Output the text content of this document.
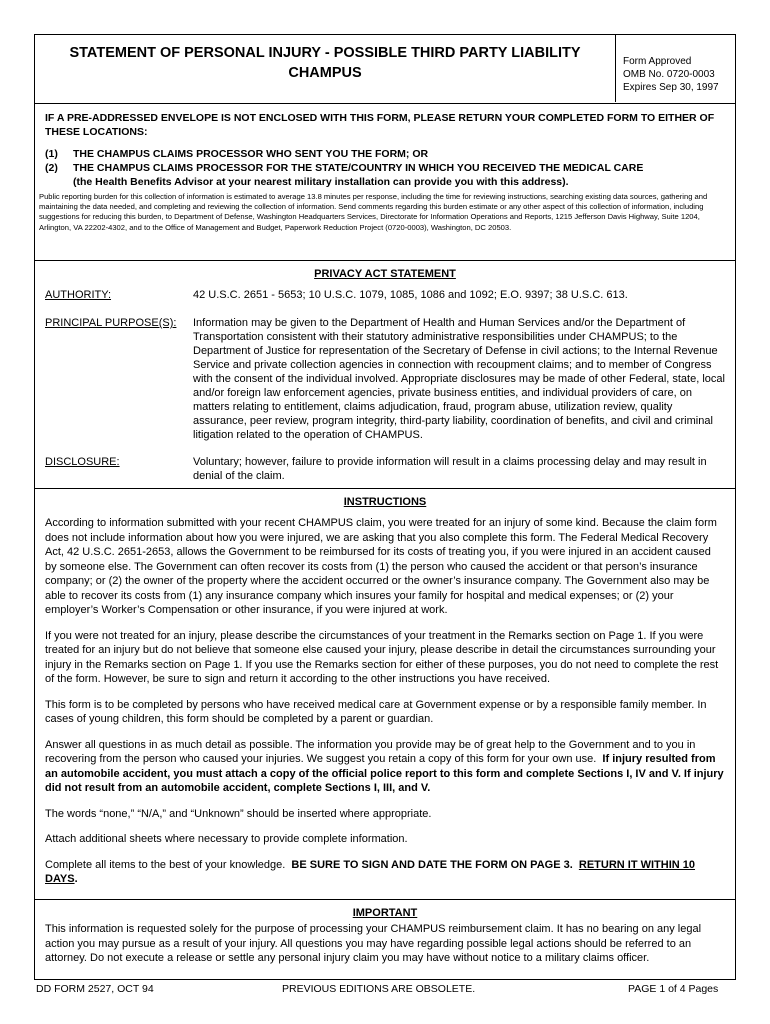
STATEMENT OF PERSONAL INJURY - POSSIBLE THIRD PARTY LIABILITY
CHAMPUS
Form Approved
OMB No. 0720-0003
Expires Sep 30, 1997

IF A PRE-ADDRESSED ENVELOPE IS NOT ENCLOSED WITH THIS FORM, PLEASE RETURN YOUR COMPLETED FORM TO EITHER OF THESE LOCATIONS:

(1)	THE CHAMPUS CLAIMS PROCESSOR WHO SENT YOU THE FORM; OR
(2)	THE CHAMPUS CLAIMS PROCESSOR FOR THE STATE/COUNTRY IN WHICH YOU RECEIVED THE MEDICAL CARE
(the Health Benefits Advisor at your nearest military installation can provide you with this address).

Public reporting burden for this collection of information is estimated to average 13.8 minutes per response, including the time for reviewing instructions, searching existing data sources, gathering and maintaining the data needed, and completing and reviewing the collection of information. Send comments regarding this burden estimate or any other aspect of this collection of information, including suggestions for reducing this burden, to Department of Defense, Washington Headquarters Services, Directorate for Information Operations and Reports, 1215 Jefferson Davis Highway, Suite 1204, Arlington, VA 22202-4302, and to the Office of Management and Budget, Paperwork Reduction Project (0720-0003), Washington, DC 20503.

PRIVACY ACT STATEMENT
AUTHORITY:	42 U.S.C. 2651 - 5653; 10 U.S.C. 1079, 1085, 1086 and 1092; E.O. 9397; 38 U.S.C. 613.
PRINCIPAL PURPOSE(S): Information may be given to the Department of Health and Human Services and/or the Department of Transportation consistent with their statutory administrative responsibilities under CHAMPUS; to the Department of Justice for representation of the Secretary of Defense in civil actions; to the Internal Revenue Service and private collection agencies in connection with recoupment claims; and to member of Congress with the consent of the individual involved. Appropriate disclosures may be made of other Federal, state, local and/or foreign law enforcement agencies, private business entities, and individual providers of care, on matters relating to entitlement, claims adjudication, fraud, program abuse, utilization review, quality assurance, peer review, program integrity, third-party liability, coordination of benefits, and civil and criminal litigation related to the operation of CHAMPUS.
DISCLOSURE:	Voluntary; however, failure to provide information will result in a claims processing delay and may result in denial of the claim.
INSTRUCTIONS

According to information submitted with your recent CHAMPUS claim, you were treated for an injury of some kind. Because the claim form does not include information about how you were injured, we are asking that you also complete this form. The Federal Medical Recovery Act, 42 U.S.C. 2651-2653, allows the Government to be reimbursed for its costs of treating you, if you were injured in an accident caused by someone else. The Government can often recover its costs from (1) the person who caused the accident or that person’s insurance company; or (2) the owner of the property where the accident occurred or the owner’s insurance company. The Government also may be able to recover its costs from (1) any insurance company which insures your family for hospital and medical expenses; or (2) your employer’s Worker’s Compensation or other insurance, if you were injured at work.

If you were not treated for an injury, please describe the circumstances of your treatment in the Remarks section on Page 1. If you were treated for an injury but do not believe that someone else caused your injury, please describe in detail the circumstances surrounding your injury in the Remarks section on Page 1. If you use the Remarks section for either of these purposes, you do not need to complete the rest of the form. However, be sure to sign and return it according to the other instructions you have received.

This form is to be completed by persons who have received medical care at Government expense or by a responsible family member. In cases of young children, this form should be completed by a parent or guardian.

Answer all questions in as much detail as possible. The information you provide may be of great help to the Government and to you in recovering from the person who caused your injuries. We suggest you retain a copy of this form for your own use. If injury resulted from an automobile accident, you must attach a copy of the official police report to this form and complete Sections I, IV and V. If injury did not result from an automobile accident, complete Sections I, III, and V.

The words “none,” “N/A,” and “Unknown” should be inserted where appropriate.

Attach additional sheets where necessary to provide complete information.

Complete all items to the best of your knowledge. BE SURE TO SIGN AND DATE THE FORM ON PAGE 3. RETURN IT WITHIN 10 DAYS.

IMPORTANT

This information is requested solely for the purpose of processing your CHAMPUS reimbursement claim. It has no bearing on any legal action you may pursue as a result of your injury. All questions you may have regarding possible legal actions should be referred to an attorney. Do not execute a release or settle any personal injury claim you may have without notice to a military claims officer.

DD FORM 2527, OCT 94	PREVIOUS EDITIONS ARE OBSOLETE.	PAGE 1 of 4 Pages
